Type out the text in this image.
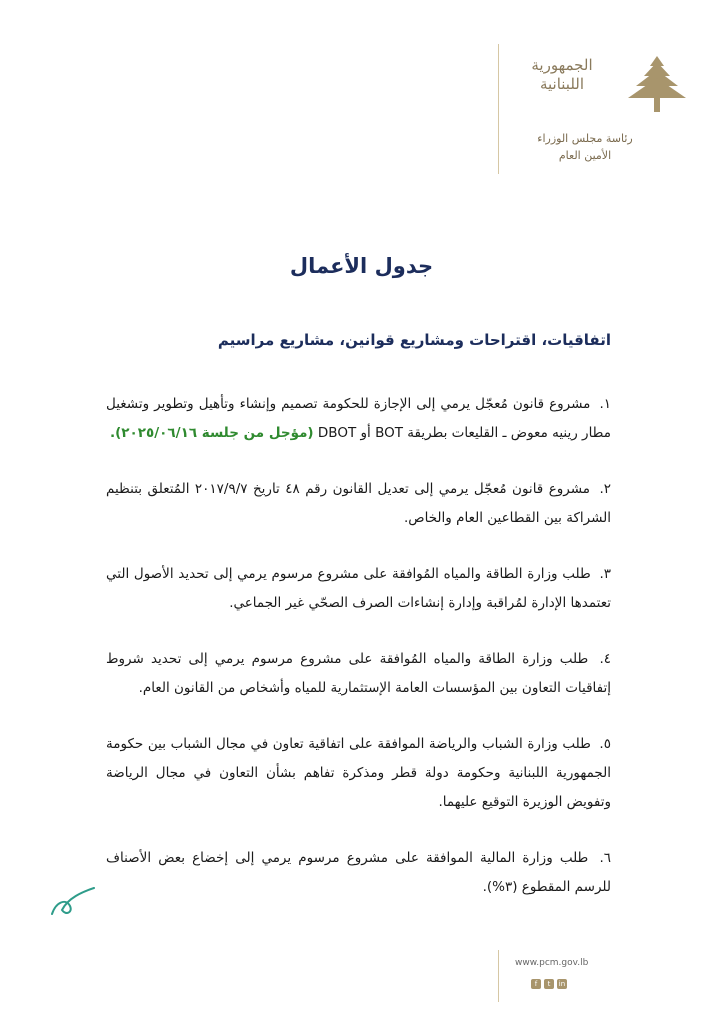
الجمهورية
اللبنانية
رئاسة مجلس الوزراء
الأمين العام
جدول الأعمال
اتفاقيات، اقتراحات ومشاريع قوانين، مشاريع مراسيم

١. مشروع قانون مُعجّل يرمي إلى الإجازة للحكومة تصميم وإنشاء وتأهيل وتطوير وتشغيل مطار رينيه معوض ـ القليعات بطريقة BOT أو DBOT (مؤجل من جلسة ٢٠٢٥/٠٦/١٦).

٢. مشروع قانون مُعجّل يرمي إلى تعديل القانون رقم ٤٨ تاريخ ٢٠١٧/٩/٧ المُتعلق بتنظيم الشراكة بين القطاعين العام والخاص.

٣. طلب وزارة الطاقة والمياه المُوافقة على مشروع مرسوم يرمي إلى تحديد الأصول التي تعتمدها الإدارة لمُراقبة وإدارة إنشاءات الصرف الصحّي غير الجماعي.

٤. طلب وزارة الطاقة والمياه المُوافقة على مشروع مرسوم يرمي إلى تحديد شروط إتفاقيات التعاون بين المؤسسات العامة الإستثمارية للمياه وأشخاص من القانون العام.

٥. طلب وزارة الشباب والرياضة الموافقة على اتفاقية تعاون في مجال الشباب بين حكومة الجمهورية اللبنانية وحكومة دولة قطر ومذكرة تفاهم بشأن التعاون في مجال الرياضة وتفويض الوزيرة التوقيع عليهما.

٦. طلب وزارة المالية الموافقة على مشروع مرسوم يرمي إلى إخضاع بعض الأصناف للرسم المقطوع (٣%).

www.pcm.gov.lb
f	t	in
